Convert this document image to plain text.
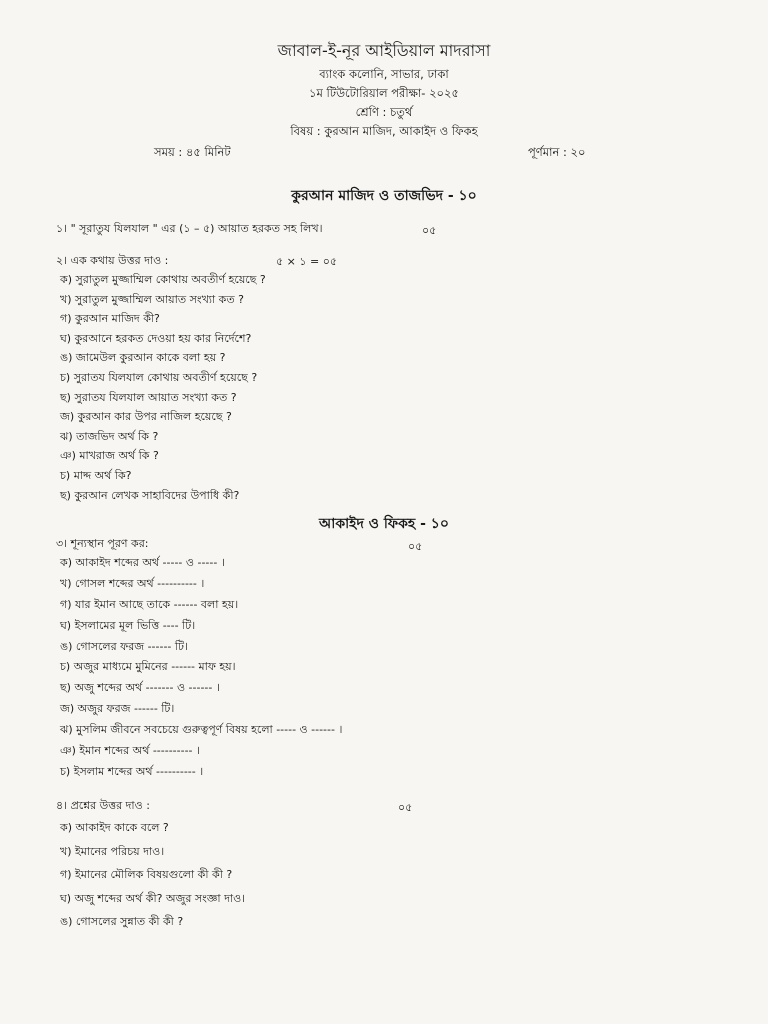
জাবাল-ই-নূর আইডিয়াল মাদরাসা
ব্যাংক কলোনি, সাভার, ঢাকা
১ম টিউটোরিয়াল পরীক্ষা- ২০২৫
শ্রেণি : চতুর্থ
বিষয় : কুরআন মাজিদ, আকাইদ ও ফিকহ
সময় : ৪৫ মিনিট	পূর্ণমান : ২০
কুরআন মাজিদ ও তাজভিদ - ১০
১। " সূরাতুয যিলযাল " এর (১ – ৫) আয়াত হরকত সহ লিখ।	০৫
২। এক কথায় উত্তর দাও :	৫ × ১ = ০৫
ক) সুরাতুল মুজ্জাম্মিল কোথায় অবতীর্ণ হয়েছে ?
খ) সুরাতুল মুজ্জাম্মিল আয়াত সংখ্যা কত ?
গ) কুরআন মাজিদ কী?
ঘ) কুরআনে হরকত দেওয়া হয় কার নির্দেশে?
ঙ) জামেউল কুরআন কাকে বলা হয় ?
চ) সুরাতয যিলযাল কোথায় অবতীর্ণ হয়েছে ?
ছ) সুরাতয যিলযাল আয়াত সংখ্যা কত ?
জ) কুরআন কার উপর নাজিল হয়েছে ?
ঝ) তাজভিদ অর্থ কি ?
ঞ) মাখরাজ অর্থ কি ?
চ) মাদ্দ অর্থ কি?
ছ) কুরআন লেখক সাহাবিদের উপাধি কী?
আকাইদ ও ফিকহ - ১০
৩। শূন্যস্থান পূরণ কর:	০৫
ক) আকাইদ শব্দের অর্থ ----- ও ----- ।
খ) গোসল শব্দের অর্থ ---------- ।
গ) যার ইমান আছে তাকে ------ বলা হয়।
ঘ) ইসলামের মূল ভিত্তি ---- টি।
ঙ) গোসলের ফরজ ------ টি।
চ) অজুর মাধ্যমে মুমিনের ------ মাফ হয়।
ছ) অজু শব্দের অর্থ ------- ও ------ ।
জ) অজুর ফরজ ------ টি।
ঝ) মুসলিম জীবনে সবচেয়ে গুরুত্বপূর্ণ বিষয় হলো ----- ও ------ ।
ঞ) ইমান শব্দের অর্থ ---------- ।
চ) ইসলাম শব্দের অর্থ ---------- ।
৪। প্রশ্নের উত্তর দাও :	০৫
ক) আকাইদ কাকে বলে ?
খ) ইমানের পরিচয় দাও।
গ) ইমানের মৌলিক বিষয়গুলো কী কী ?
ঘ) অজু শব্দের অর্থ কী? অজুর সংজ্ঞা দাও।
ঙ) গোসলের সুন্নাত কী কী ?
